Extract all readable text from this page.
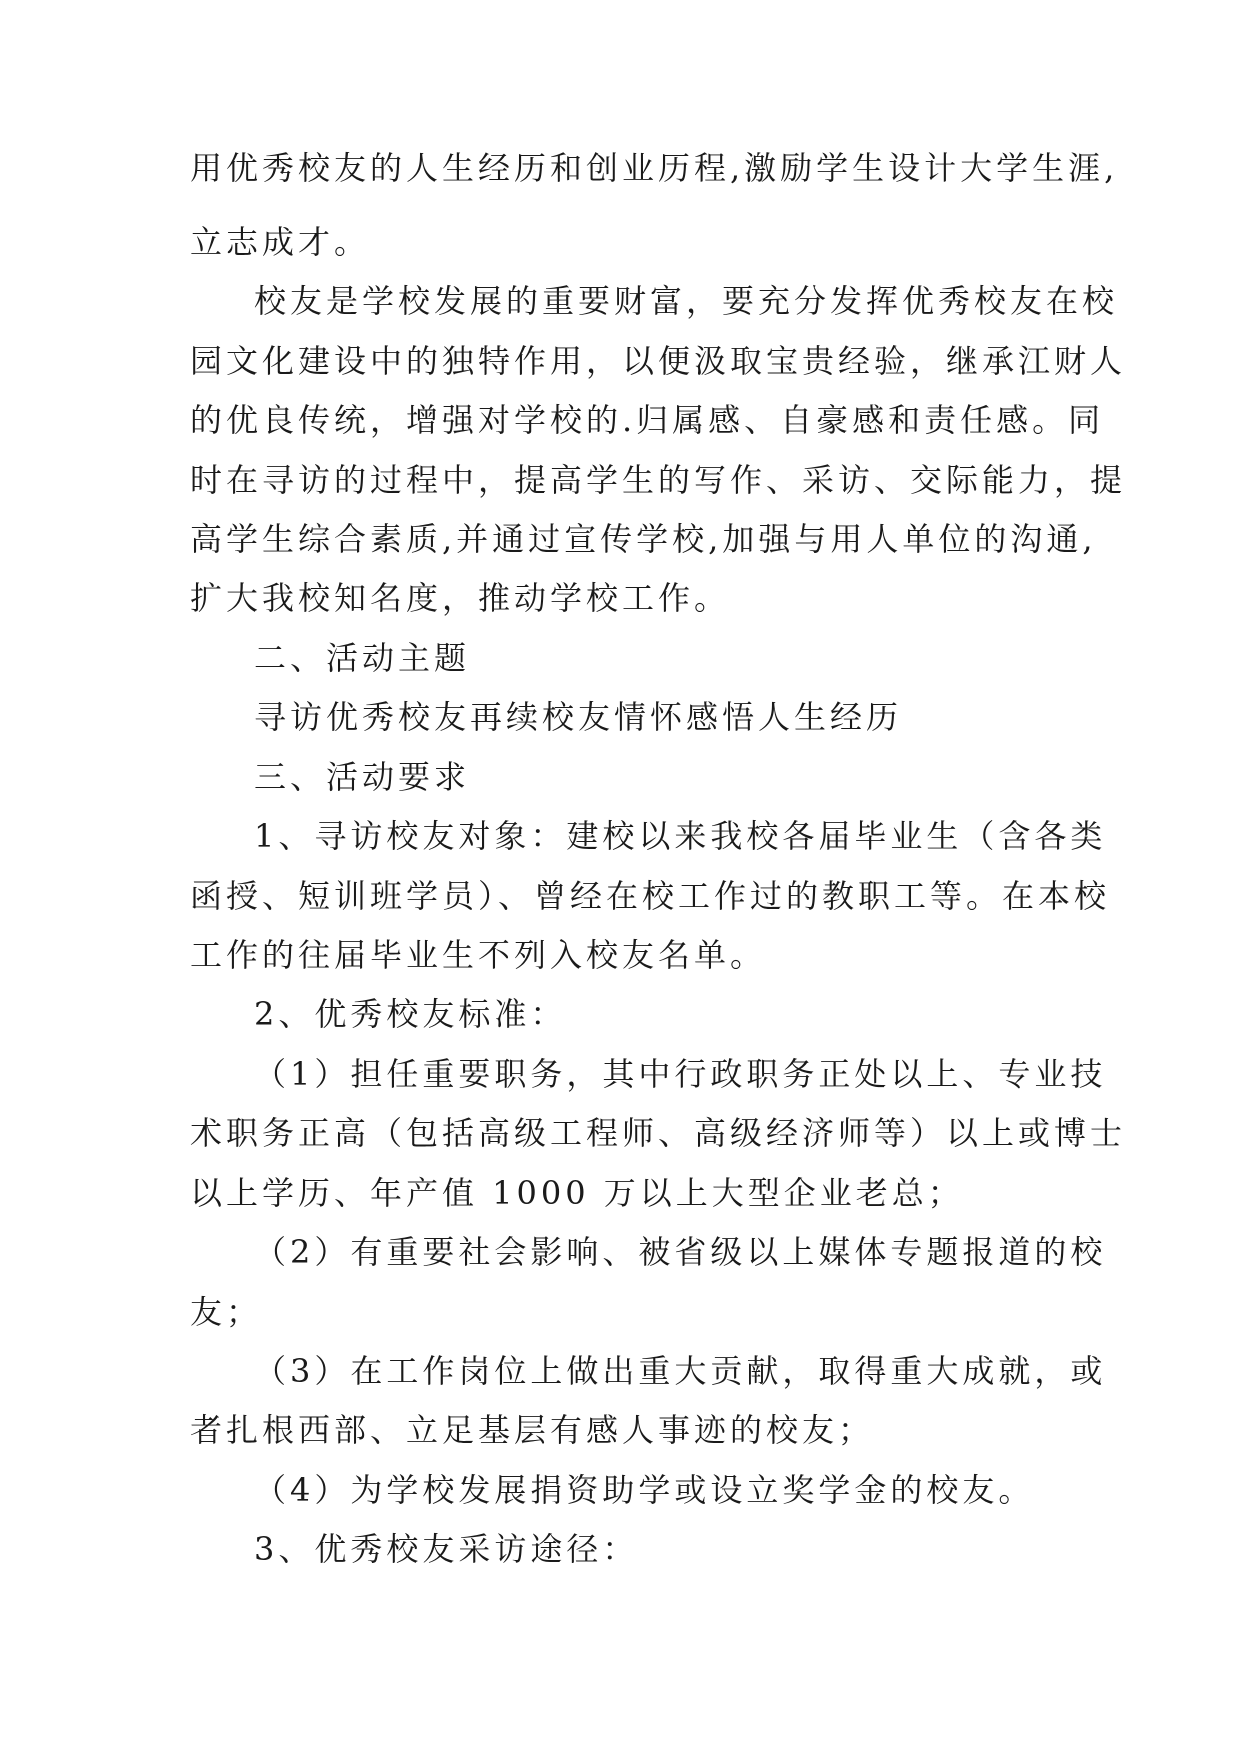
用优秀校友的人生经历和创业历程,激励学生设计大学生涯,
立志成才。
校友是学校发展的重要财富，要充分发挥优秀校友在校
园文化建设中的独特作用，以便汲取宝贵经验，继承江财人
的优良传统，增强对学校的.归属感、自豪感和责任感。同
时在寻访的过程中，提高学生的写作、采访、交际能力，提
高学生综合素质,并通过宣传学校,加强与用人单位的沟通,
扩大我校知名度，推动学校工作。
二、活动主题
寻访优秀校友再续校友情怀感悟人生经历
三、活动要求
1、寻访校友对象：建校以来我校各届毕业生（含各类
函授、短训班学员）、曾经在校工作过的教职工等。在本校
工作的往届毕业生不列入校友名单。
2、优秀校友标准：
（1）担任重要职务，其中行政职务正处以上、专业技
术职务正高（包括高级工程师、高级经济师等）以上或博士
以上学历、年产值 1000 万以上大型企业老总；
（2）有重要社会影响、被省级以上媒体专题报道的校
友；
（3）在工作岗位上做出重大贡献，取得重大成就，或
者扎根西部、立足基层有感人事迹的校友；
（4）为学校发展捐资助学或设立奖学金的校友。
3、优秀校友采访途径：
